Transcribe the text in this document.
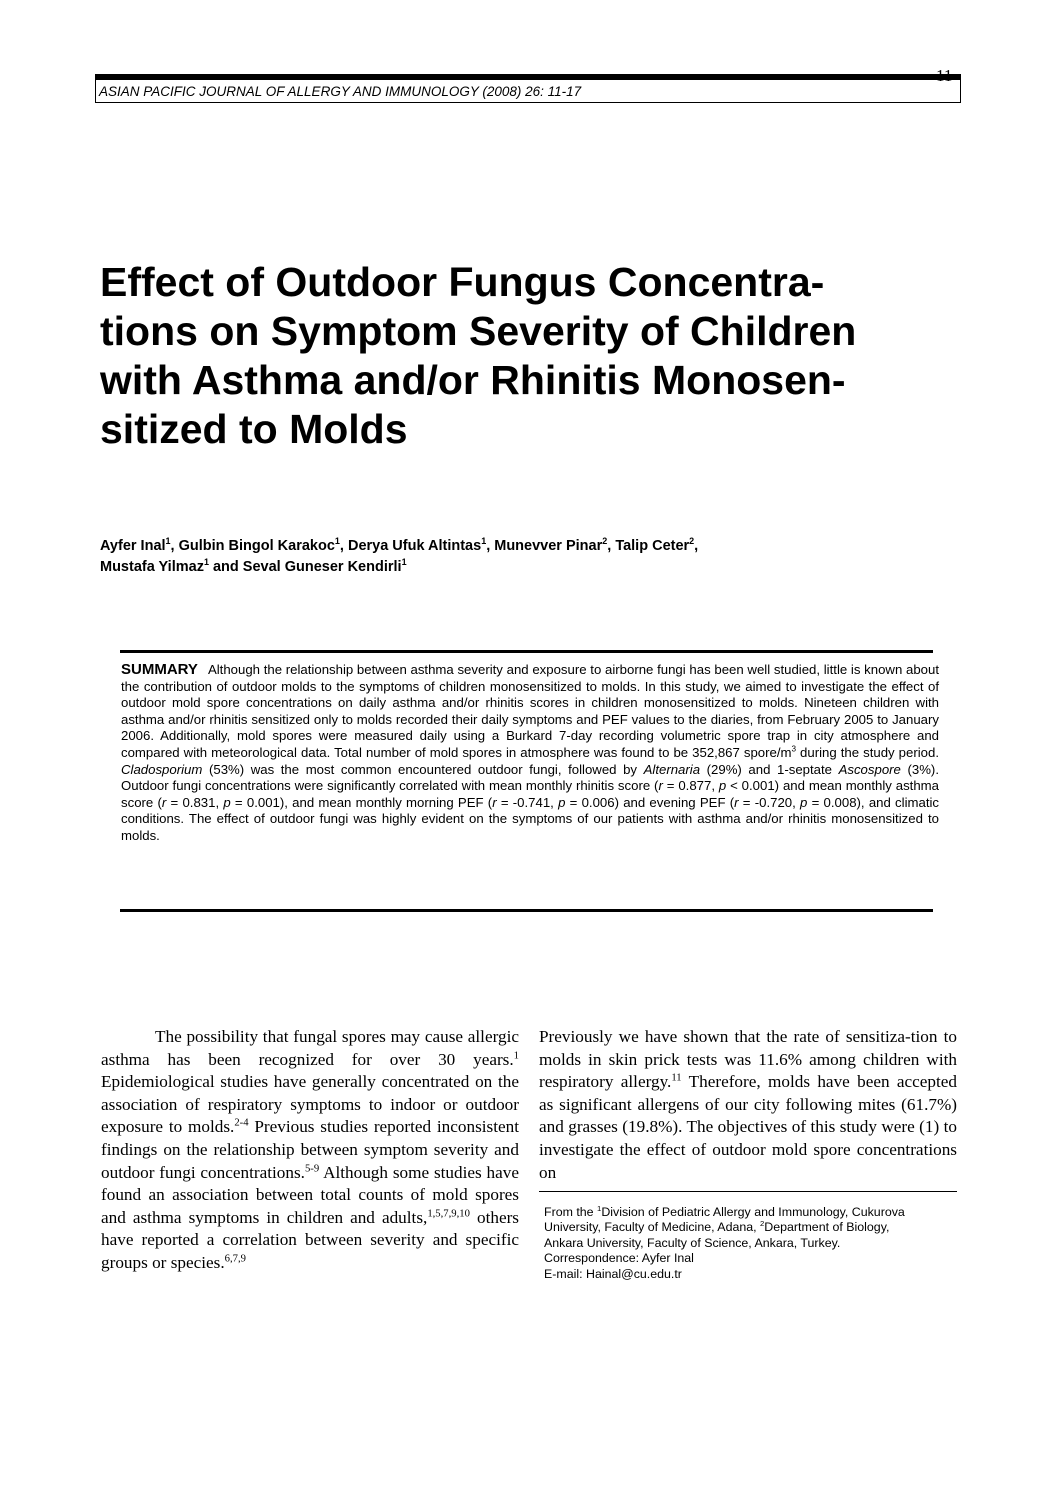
ASIAN PACIFIC JOURNAL OF ALLERGY AND IMMUNOLOGY (2008) 26: 11-17
11
Effect of Outdoor Fungus Concentra-
tions on Symptom Severity of Children
with Asthma and/or Rhinitis Monosen-
sitized to Molds
Ayfer Inal$^1$, Gulbin Bingol Karakoc$^1$, Derya Ufuk Altintas$^1$, Munevver Pinar$^2$, Talip Ceter$^2$,
Mustafa Yilmaz$^1$ and Seval Guneser Kendirli$^1$
SUMMARY Although the relationship between asthma severity and exposure to airborne fungi has been well studied, little is known about the contribution of outdoor molds to the symptoms of children monosensitized to molds. In this study, we aimed to investigate the effect of outdoor mold spore concentrations on daily asthma and/or rhinitis scores in children monosensitized to molds. Nineteen children with asthma and/or rhinitis sensitized only to molds recorded their daily symptoms and PEF values to the diaries, from February 2005 to January 2006. Additionally, mold spores were measured daily using a Burkard 7-day recording volumetric spore trap in city atmosphere and compared with meteorological data. Total number of mold spores in atmosphere was found to be 352,867 spore/$m^3$ during the study period. Cladosporium (53%) was the most common encountered outdoor fungi, followed by Alternaria (29%) and 1-septate Ascospore (3%). Outdoor fungi concentrations were significantly correlated with mean monthly rhinitis score (r = 0.877, p < 0.001) and mean monthly asthma score (r = 0.831, p = 0.001), and mean monthly morning PEF (r = -0.741, p = 0.006) and evening PEF (r = -0.720, p = 0.008), and climatic conditions. The effect of outdoor fungi was highly evident on the symptoms of our patients with asthma and/or rhinitis monosensitized to molds.
The possibility that fungal spores may cause allergic asthma has been recognized for over 30 years.$^1$ Epidemiological studies have generally concentrated on the association of respiratory symptoms to indoor or outdoor exposure to molds.$^{2-4}$ Previous studies reported inconsistent findings on the relationship between symptom severity and outdoor fungi concentrations.$^{5-9}$ Although some studies have found an association between total counts of mold spores and asthma symptoms in children and adults,$^{1,5,7,9,10}$ others have reported a correlation between severity and specific groups or species.$^{6,7,9}$
Previously we have shown that the rate of sensitiza-tion to molds in skin prick tests was 11.6% among children with respiratory allergy.$^{11}$ Therefore, molds have been accepted as significant allergens of our city following mites (61.7%) and grasses (19.8%). The objectives of this study were (1) to investigate the effect of outdoor mold spore concentrations on
From the $^1$Division of Pediatric Allergy and Immunology, Cukurova
University, Faculty of Medicine, Adana, $^2$Department of Biology,
Ankara University, Faculty of Science, Ankara, Turkey.
Correspondence: Ayfer Inal
E-mail: Hainal@cu.edu.tr
